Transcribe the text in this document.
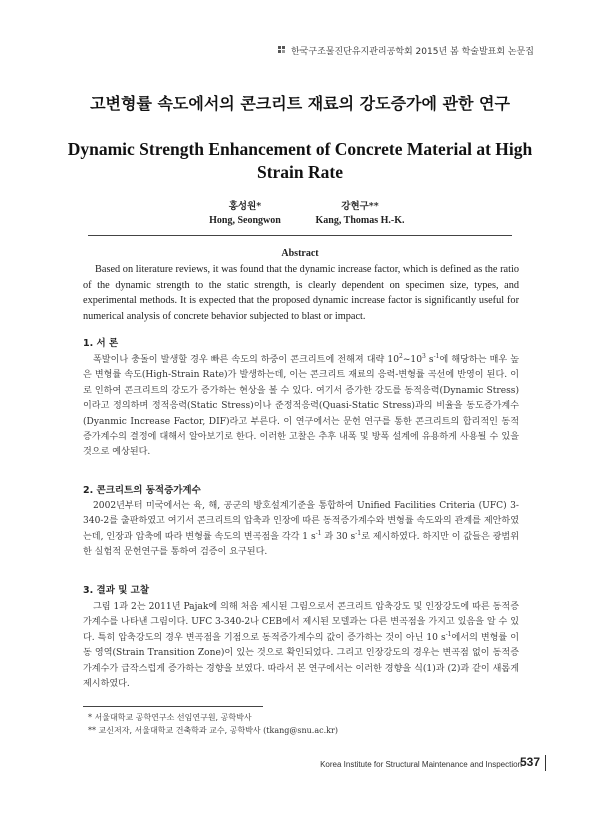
한국구조물진단유지관리공학회 2015년 봄 학술발표회 논문집
고변형률 속도에서의 콘크리트 재료의 강도증가에 관한 연구
Dynamic Strength Enhancement of Concrete Material at High Strain Rate
홍성원*
Hong, Seongwon
강현구**
Kang, Thomas H.-K.
Abstract

Based on literature reviews, it was found that the dynamic increase factor, which is defined as the ratio of the dynamic strength to the static strength, is clearly dependent on specimen size, types, and experimental methods. It is expected that the proposed dynamic increase factor is significantly useful for numerical analysis of concrete behavior subjected to blast or impact.

1. 서 론

폭발이나 충돌이 발생할 경우 빠른 속도의 하중이 콘크리트에 전해져 대략 $10^2\sim 10^3$ $s^{-1}$에 해당하는 매우 높은 변형률 속도(High-Strain Rate)가 발생하는데, 이는 콘크리트 재료의 응력-변형률 곡선에 반영이 된다. 이로 인하여 콘크리트의 강도가 증가하는 현상을 볼 수 있다. 여기서 증가한 강도를 동적응력(Dynamic Stress)이라고 정의하며 정적응력(Static Stress)이나 준정적응력(Quasi-Static Stress)과의 비율을 동도증가계수(Dyanmic Increase Factor, DIF)라고 부른다. 이 연구에서는 문헌 연구를 통한 콘크리트의 합리적인 동적증가계수의 결정에 대해서 알아보기로 한다. 이러한 고찰은 추후 내폭 및 방폭 설계에 유용하게 사용될 수 있을 것으로 예상된다.

2. 콘크리트의 동적증가계수

2002년부터 미국에서는 육, 해, 공군의 방호설계기준을 통합하여 Unified Facilities Criteria (UFC) 3-340-2를 출판하였고 여기서 콘크리트의 압축과 인장에 따른 동적증가계수와 변형률 속도와의 관계를 제안하였는데, 인장과 압축에 따라 변형률 속도의 변곡점을 각각 1 $s^{-1}$ 과 30 $s^{-1}$로 제시하였다. 하지만 이 값들은 광범위한 실험적 문헌연구를 통하여 검증이 요구된다.

3. 결과 및 고찰

그림 1과 2는 2011년 Pajak에 의해 처음 제시된 그림으로서 콘크리트 압축강도 및 인장강도에 따른 동적증가계수를 나타낸 그림이다. UFC 3-340-2나 CEB에서 제시된 모델과는 다른 변곡점을 가지고 있음을 알 수 있다. 특히 압축강도의 경우 변곡점을 기점으로 동적증가계수의 값이 증가하는 것이 아닌 10 $s^{-1}$에서의 변형률 이동 영역(Strain Transition Zone)이 있는 것으로 확인되었다. 그리고 인장강도의 경우는 변곡점 없이 동적증가계수가 급작스럽게 증가하는 경향을 보였다. 따라서 본 연구에서는 이러한 경향을 식(1)과 (2)과 같이 새롭게 제시하였다.

* 서울대학교 공학연구소 선임연구원, 공학박사
** 교신저자, 서울대학교 건축학과 교수, 공학박사 (tkang@snu.ac.kr)
Korea Institute for Structural Maintenance and Inspection
537
